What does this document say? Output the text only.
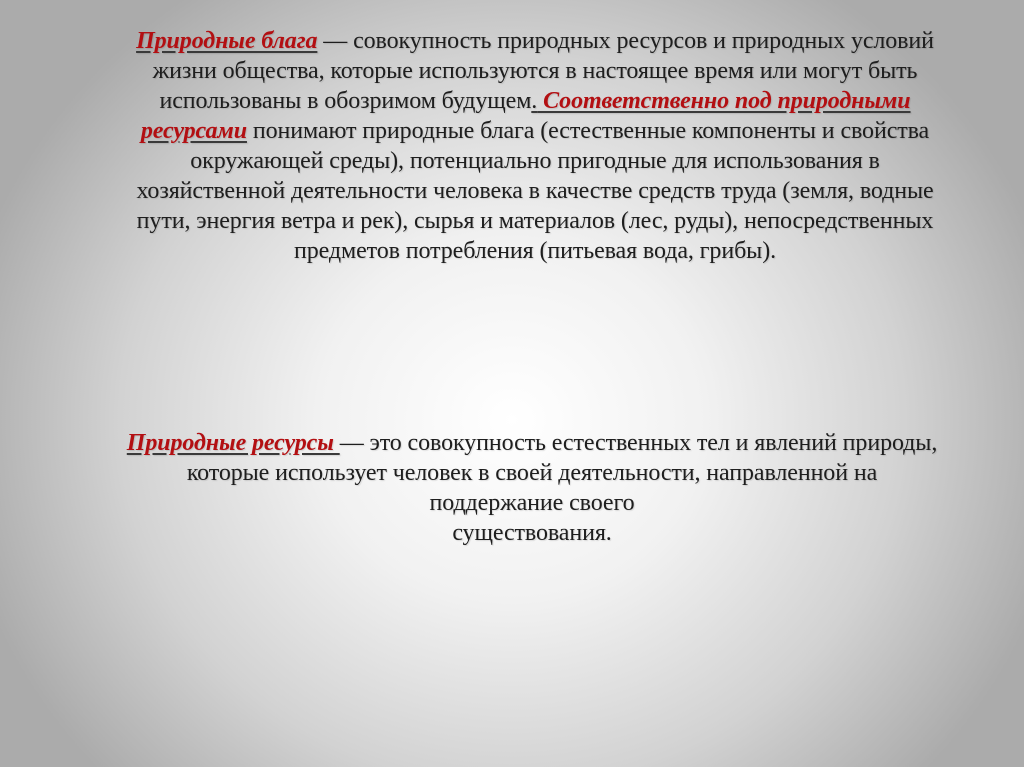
Природные блага — совокупность природных ресурсов и природных условий
жизни общества, которые используются в настоящее время или могут быть
использованы в обозримом будущем. Соответственно под природными
ресурсами понимают природные блага (естественные компоненты и свойства
окружающей среды), потенциально пригодные для использования в
хозяйственной деятельности человека в качестве средств труда (земля, водные
пути, энергия ветра и рек), сырья и материалов (лес, руды), непосредственных
предметов потребления (питьевая вода, грибы).
Природные ресурсы — это совокупность естественных тел и явлений природы,
которые использует человек в своей деятельности, направленной на
поддержание своего
существования.
